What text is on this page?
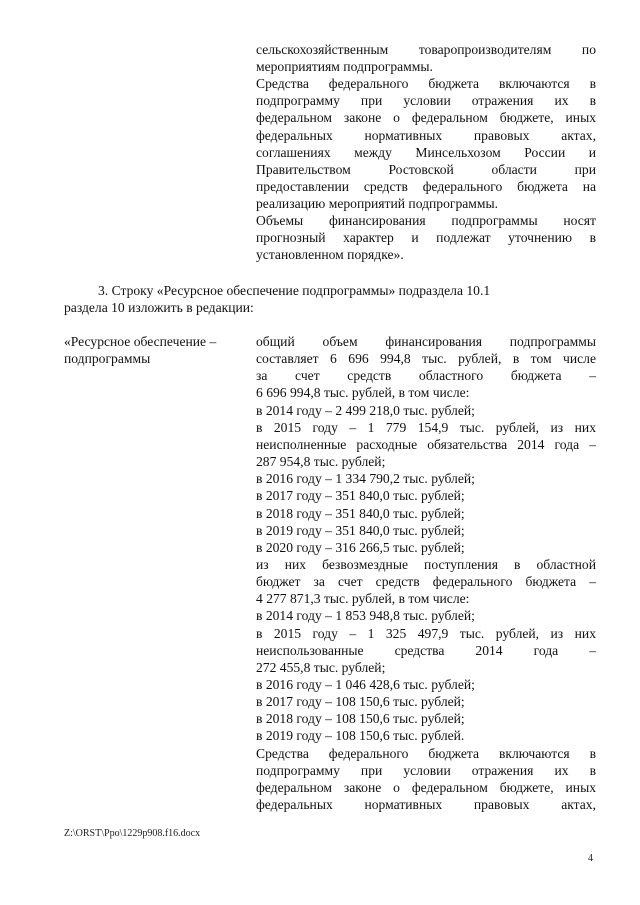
сельскохозяйственным товаропроизводителям по
мероприятиям подпрограммы.
Средства федерального бюджета включаются в
подпрограмму при условии отражения их в
федеральном законе о федеральном бюджете, иных
федеральных нормативных правовых актах,
соглашениях между Минсельхозом России и
Правительством Ростовской области при
предоставлении средств федерального бюджета на
реализацию мероприятий подпрограммы.
Объемы финансирования подпрограммы носят
прогнозный характер и подлежат уточнению в
установленном порядке».
3. Строку «Ресурсное обеспечение подпрограммы» подраздела 10.1
раздела 10 изложить в редакции:
«Ресурсное обеспечение –
подпрограммы
общий объем финансирования подпрограммы
составляет 6 696 994,8 тыс. рублей, в том числе
за счет средств областного бюджета –
6 696 994,8 тыс. рублей, в том числе:
в 2014 году – 2 499 218,0 тыс. рублей;
в 2015 году – 1 779 154,9 тыс. рублей, из них
неисполненные расходные обязательства 2014 года –
287 954,8 тыс. рублей;
в 2016 году – 1 334 790,2 тыс. рублей;
в 2017 году – 351 840,0 тыс. рублей;
в 2018 году – 351 840,0 тыс. рублей;
в 2019 году – 351 840,0 тыс. рублей;
в 2020 году – 316 266,5 тыс. рублей;
из них безвозмездные поступления в областной
бюджет за счет средств федерального бюджета –
4 277 871,3 тыс. рублей, в том числе:
в 2014 году – 1 853 948,8 тыс. рублей;
в 2015 году – 1 325 497,9 тыс. рублей, из них
неиспользованные средства 2014 года –
272 455,8 тыс. рублей;
в 2016 году – 1 046 428,6 тыс. рублей;
в 2017 году – 108 150,6 тыс. рублей;
в 2018 году – 108 150,6 тыс. рублей;
в 2019 году – 108 150,6 тыс. рублей.
Средства федерального бюджета включаются в
подпрограмму при условии отражения их в
федеральном законе о федеральном бюджете, иных
федеральных нормативных правовых актах,
Z:\ORST\Ppo\1229p908.f16.docx
4
